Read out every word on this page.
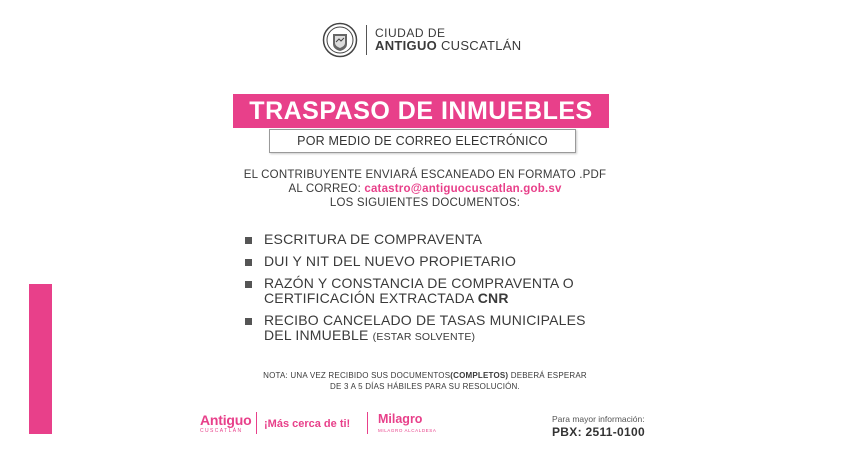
CIUDAD DE
ANTIGUO CUSCATLÁN
TRASPASO DE INMUEBLES
POR MEDIO DE CORREO ELECTRÓNICO
EL CONTRIBUYENTE ENVIARÁ ESCANEADO EN FORMATO .PDF
AL CORREO: catastro@antiguocuscatlan.gob.sv
LOS SIGUIENTES DOCUMENTOS:
ESCRITURA DE COMPRAVENTA
DUI Y NIT DEL NUEVO PROPIETARIO
RAZÓN Y CONSTANCIA DE COMPRAVENTA O
CERTIFICACIÓN EXTRACTADA CNR
RECIBO CANCELADO DE TASAS MUNICIPALES
DEL INMUEBLE (ESTAR SOLVENTE)
NOTA: UNA VEZ RECIBIDO SUS DOCUMENTOS(COMPLETOS) DEBERÁ ESPERAR
DE 3 A 5 DÍAS HÁBILES PARA SU RESOLUCIÓN.
Antiguo
CUSCATLÁN
¡Más cerca de ti! Milagro
MILAGRO ALCALDESA
Para mayor información:
PBX: 2511-0100
